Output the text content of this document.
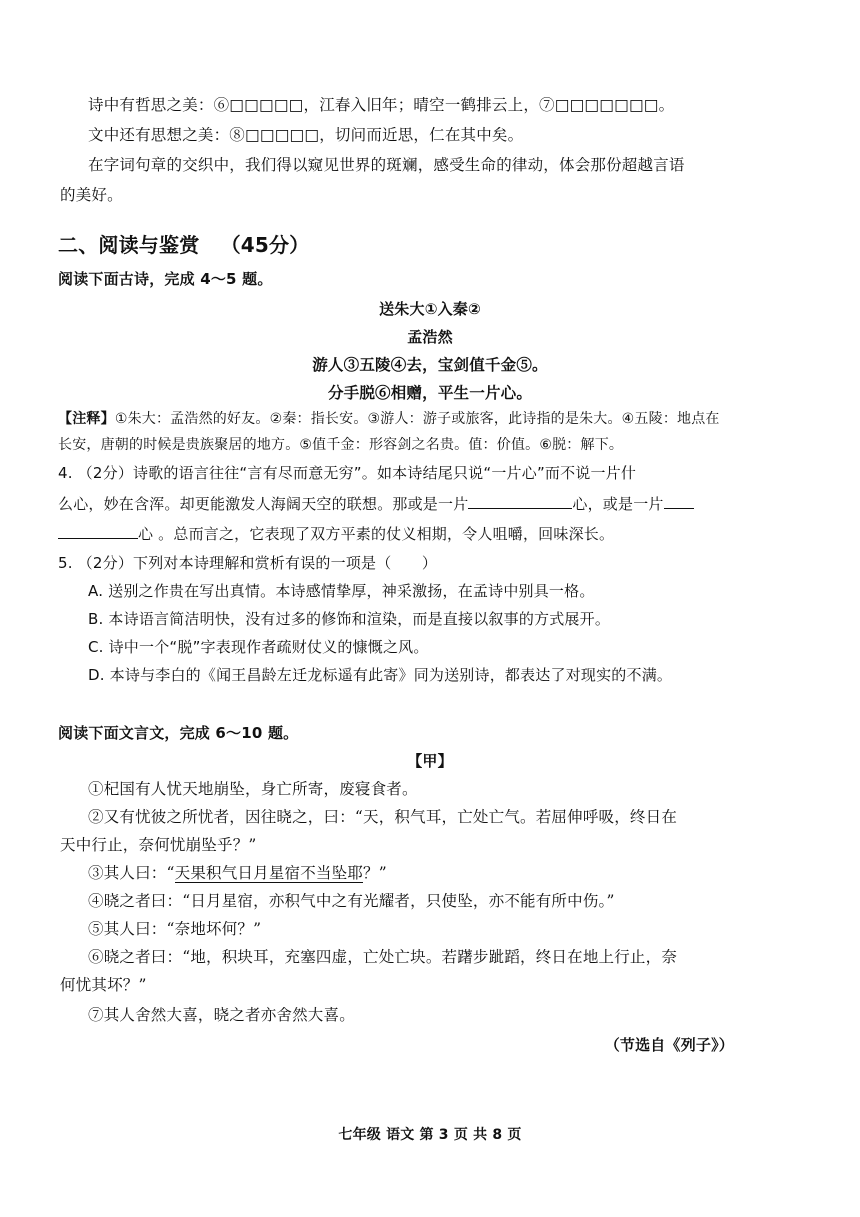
诗中有哲思之美：⑥□□□□□，江春入旧年；晴空一鹤排云上，⑦□□□□□□□。
文中还有思想之美：⑧□□□□□，切问而近思，仁在其中矣。
在字词句章的交织中，我们得以窥见世界的斑斓，感受生命的律动，体会那份超越言语
的美好。
二、阅读与鉴赏 （45分）
阅读下面古诗，完成 4～5 题。
送朱大①入秦②
孟浩然
游人③五陵④去，宝剑值千金⑤。
分手脱⑥相赠，平生一片心。
【注释】①朱大：孟浩然的好友。②秦：指长安。③游人：游子或旅客，此诗指的是朱大。④五陵：地点在
长安，唐朝的时候是贵族聚居的地方。⑤值千金：形容剑之名贵。值：价值。⑥脱：解下。
4. （2分）诗歌的语言往往“言有尽而意无穷”。如本诗结尾只说“一片心”而不说一片什
么心，妙在含浑。却更能激发人海阔天空的联想。那或是一片	心，或是一片
心 。总而言之，它表现了双方平素的仗义相期，令人咀嚼，回味深长。
5. （2分）下列对本诗理解和赏析有误的一项是（　　）
A. 送别之作贵在写出真情。本诗感情挚厚，神采激扬，在孟诗中别具一格。
B. 本诗语言简洁明快，没有过多的修饰和渲染，而是直接以叙事的方式展开。
C. 诗中一个“脱”字表现作者疏财仗义的慷慨之风。
D. 本诗与李白的《闻王昌龄左迁龙标遥有此寄》同为送别诗，都表达了对现实的不满。
阅读下面文言文，完成 6～10 题。
【甲】
①杞国有人忧天地崩坠，身亡所寄，废寝食者。
②又有忧彼之所忧者，因往晓之，曰：“天，积气耳，亡处亡气。若屈伸呼吸，终日在
天中行止，奈何忧崩坠乎？”
③其人曰：“天果积气日月星宿不当坠耶？”
④晓之者曰：“日月星宿，亦积气中之有光耀者，只使坠，亦不能有所中伤。”
⑤其人曰：“奈地坏何？”
⑥晓之者曰：“地，积块耳，充塞四虚，亡处亡块。若躇步跐蹈，终日在地上行止，奈
何忧其坏？”
⑦其人舍然大喜，晓之者亦舍然大喜。
（节选自《列子》）
七年级 语文 第 3 页 共 8 页
